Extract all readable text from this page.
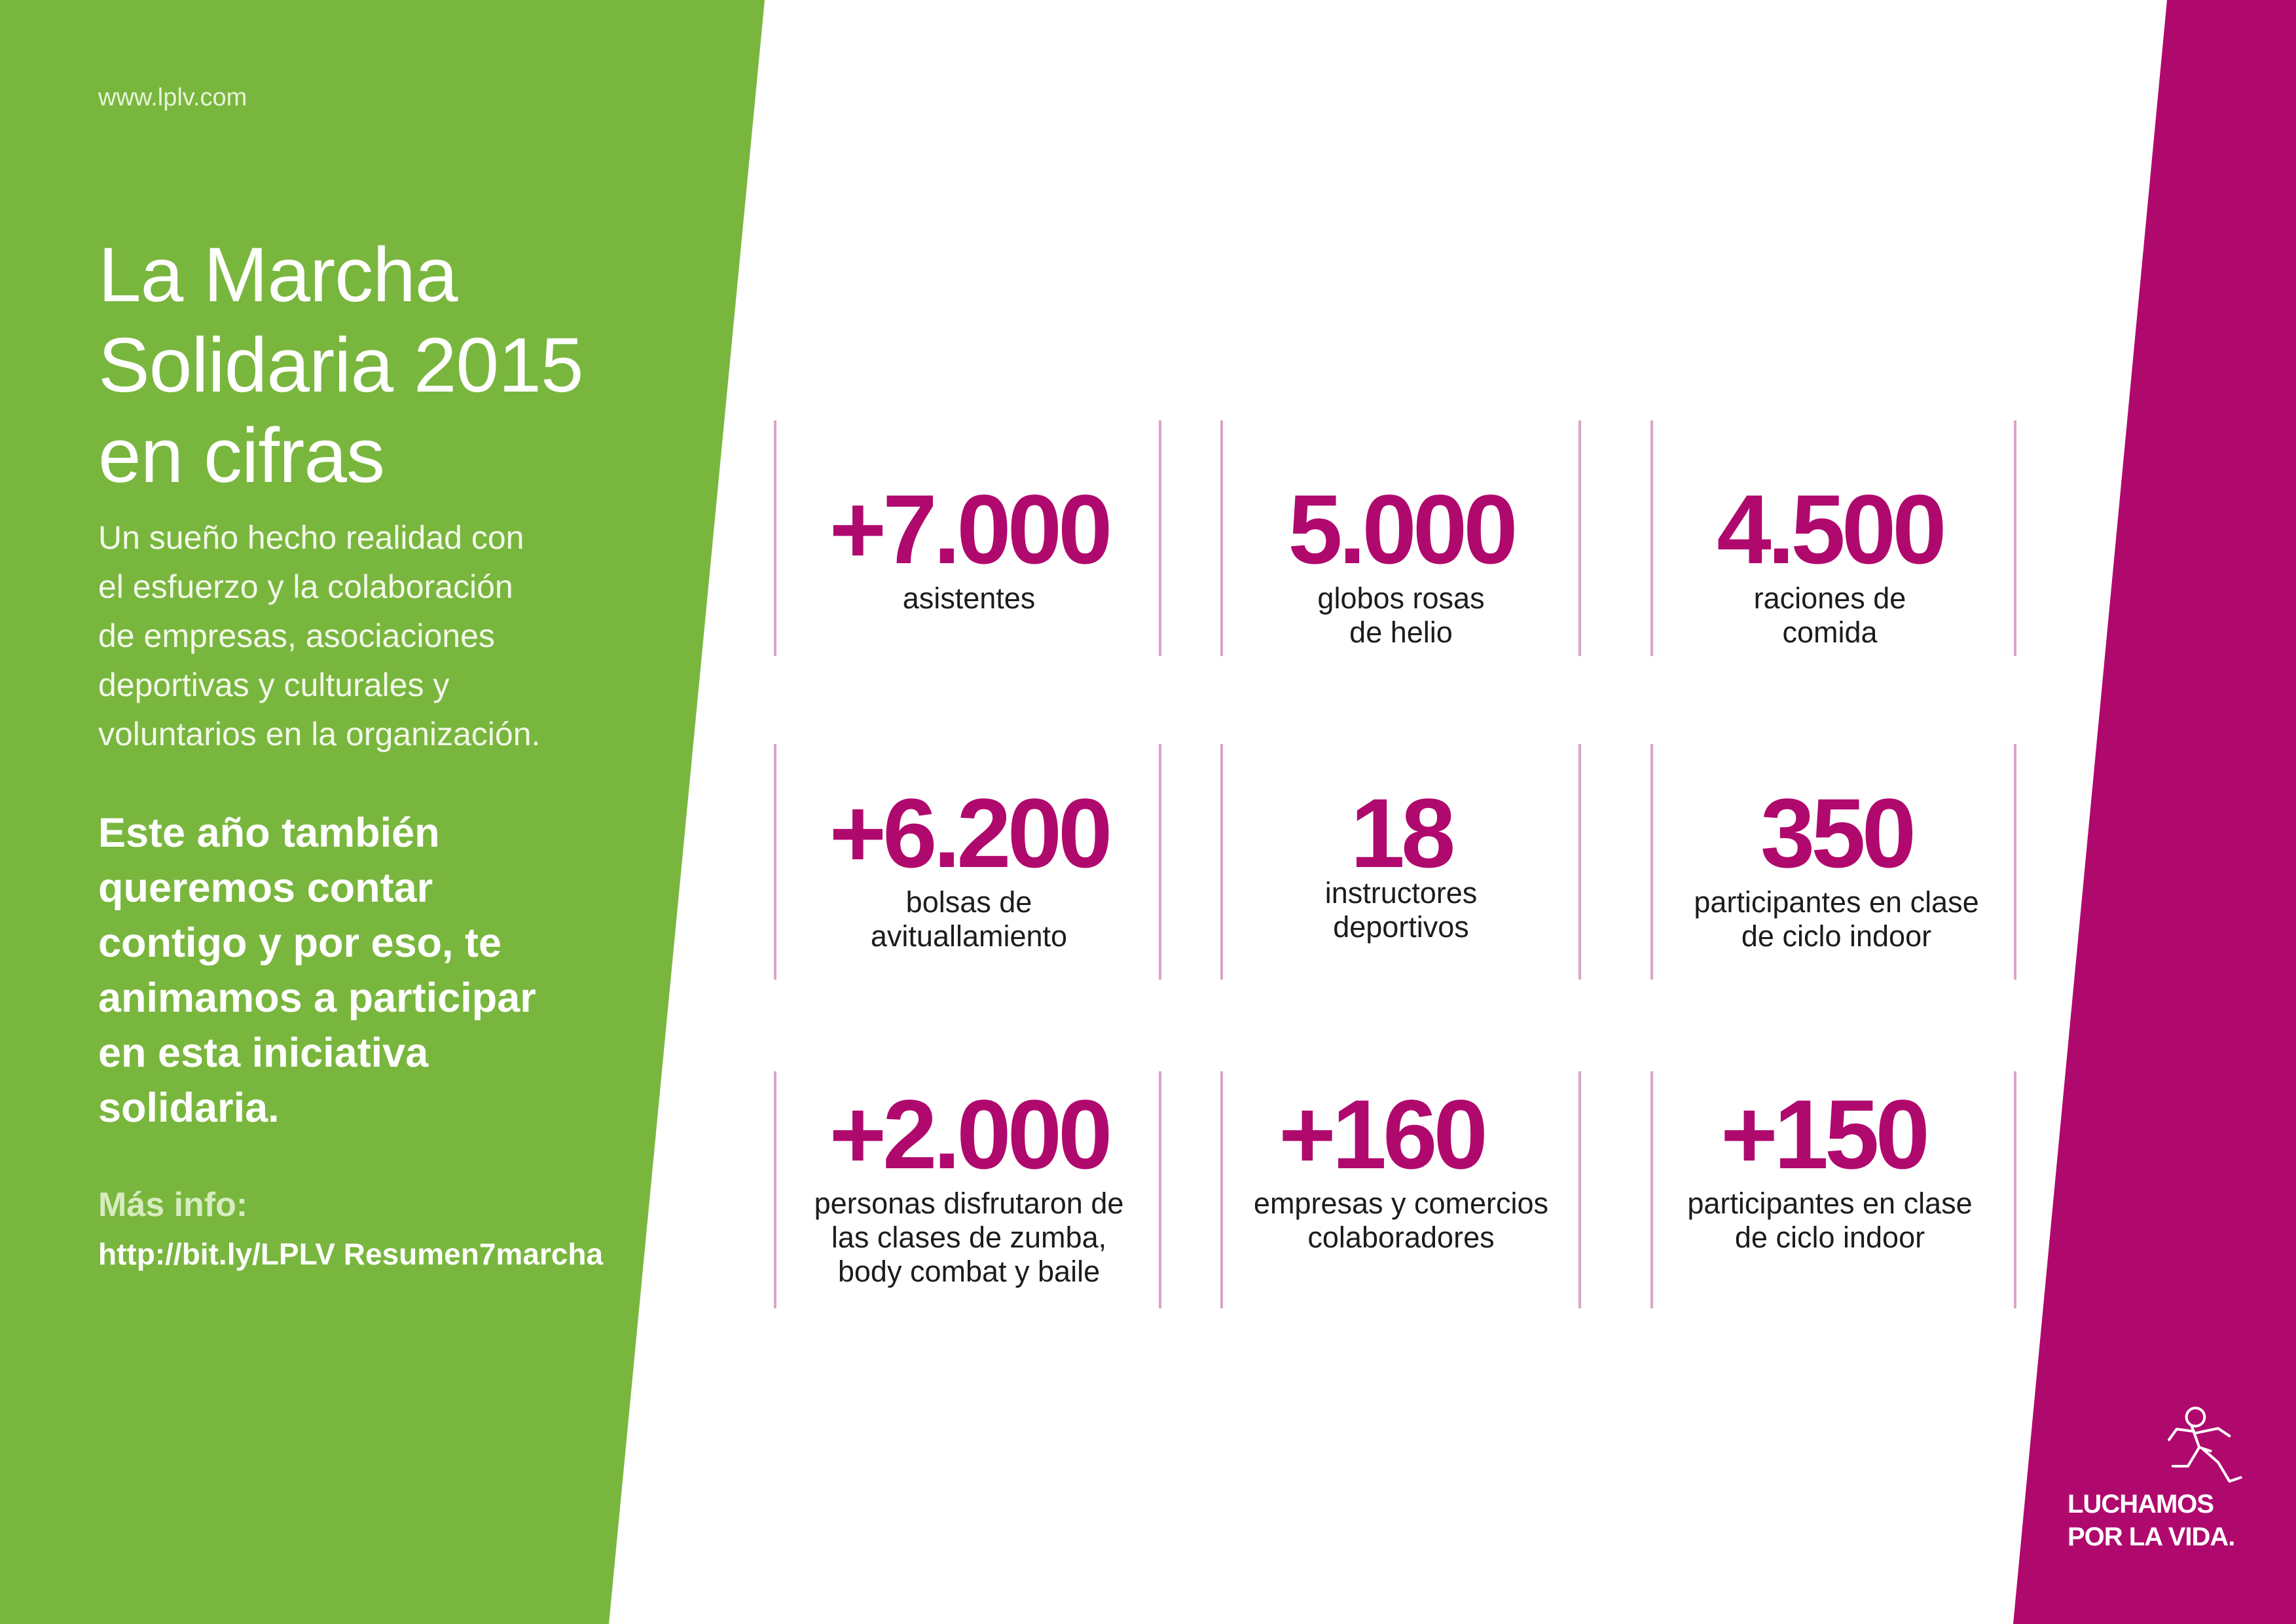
www.lplv.com
La Marcha
Solidaria 2015
en cifras
Un sueño hecho realidad con
el esfuerzo y la colaboración
de empresas, asociaciones
deportivas y culturales y
voluntarios en la organización.
Este año también
queremos contar
contigo y por eso, te
animamos a participar
en esta iniciativa
solidaria.
Más info:
http://bit.ly/LPLV Resumen7marcha
+7.000
asistentes
5.000
globos rosas
de helio
4.500
raciones de
comida
+6.200
bolsas de
avituallamiento
18
instructores
deportivos
350
participantes en clase
de ciclo indoor
+2.000
personas disfrutaron de
las clases de zumba,
body combat y baile
+160
empresas y comercios
colaboradores
+150
participantes en clase
de ciclo indoor
LUCHAMOS
POR LA VIDA.
